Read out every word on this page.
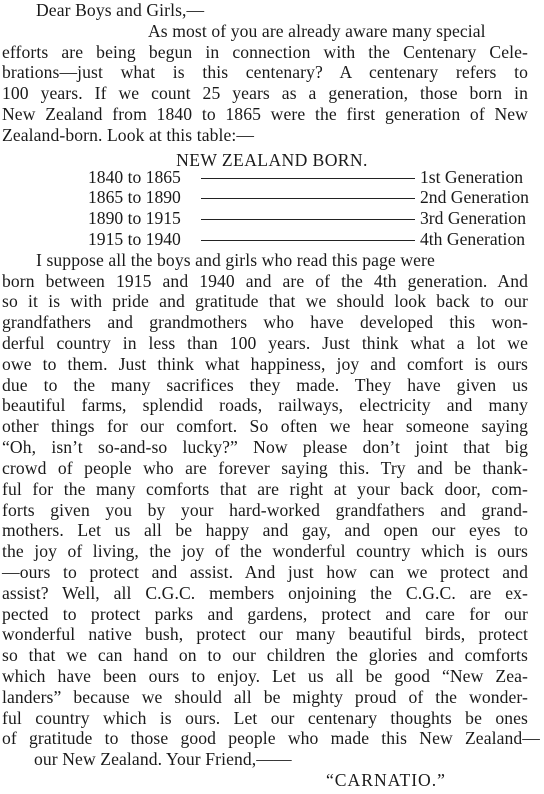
Dear Boys and Girls,—
As most of you are already aware many special
efforts are being begun in connection with the Centenary Cele-
brations—just what is this centenary? A centenary refers to
100 years. If we count 25 years as a generation, those born in
New Zealand from 1840 to 1865 were the first generation of New
Zealand-born. Look at this table:—
NEW ZEALAND BORN.
1840 to 1865	1st Generation
1865 to 1890	2nd Generation
1890 to 1915	3rd Generation
1915 to 1940	4th Generation
I suppose all the boys and girls who read this page were
born between 1915 and 1940 and are of the 4th generation. And
so it is with pride and gratitude that we should look back to our
grandfathers and grandmothers who have developed this won-
derful country in less than 100 years. Just think what a lot we
owe to them. Just think what happiness, joy and comfort is ours
due to the many sacrifices they made. They have given us
beautiful farms, splendid roads, railways, electricity and many
other things for our comfort. So often we hear someone saying
“Oh, isn’t so-and-so lucky?” Now please don’t joint that big
crowd of people who are forever saying this. Try and be thank-
ful for the many comforts that are right at your back door, com-
forts given you by your hard-worked grandfathers and grand-
mothers. Let us all be happy and gay, and open our eyes to
the joy of living, the joy of the wonderful country which is ours
—ours to protect and assist. And just how can we protect and
assist? Well, all C.G.C. members onjoining the C.G.C. are ex-
pected to protect parks and gardens, protect and care for our
wonderful native bush, protect our many beautiful birds, protect
so that we can hand on to our children the glories and comforts
which have been ours to enjoy. Let us all be good “New Zea-
landers” because we should all be mighty proud of the wonder-
ful country which is ours. Let our centenary thoughts be ones
of gratitude to those good people who made this New Zealand—
our New Zealand. Your Friend,——
“CARNATIO.”
